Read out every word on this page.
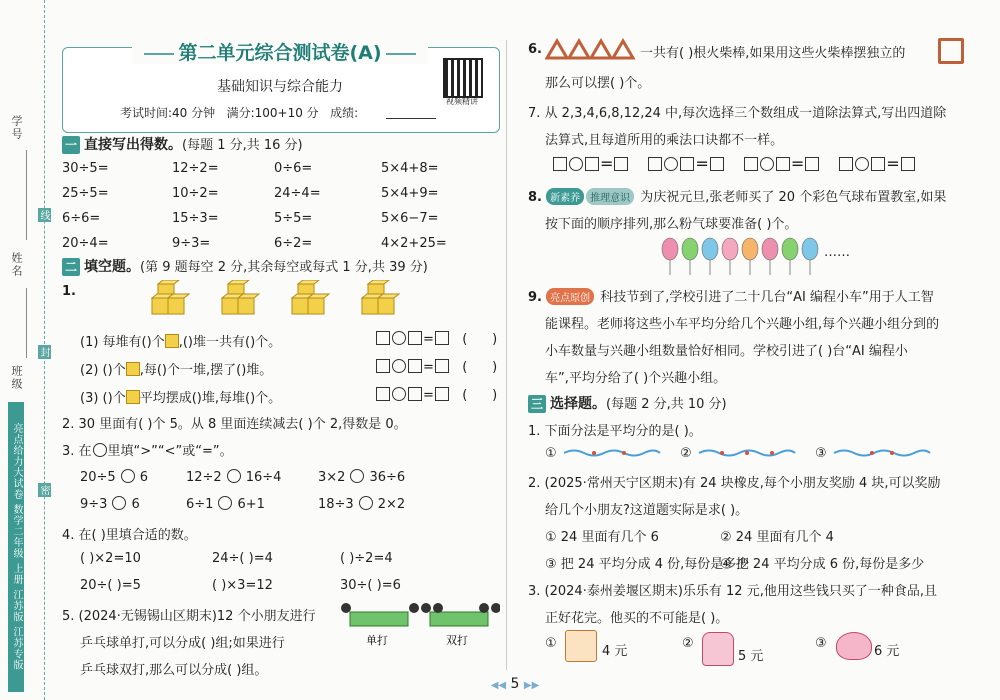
学号
姓名
班级
线
封
密
亮点给力大试卷 数学二年级 上册 江苏版 江苏专版
第二单元综合测试卷(A)
基础知识与综合能力
视频精讲
考试时间:40 分钟 满分:100+10 分 成绩:
一 直接写出得数。(每题 1 分,共 16 分)
二 填空题。(第 9 题每空 2 分,其余每空或每式 1 分,共 39 分)
1.
2. 30 里面有( )个 5。从 8 里面连续减去( )个 2,得数是 0。
3. 在 里填“>”“<”或“=”。
4. 在( )里填合适的数。
单打	双打
6.	一共有( )根火柴棒,如果用这些火柴棒摆独立的
那么可以摆( )个。
=	=	=	=
8. 新素养 推理意识 为庆祝元旦,张老师买了 20 个彩色气球布置教室,如果
按下面的顺序排列,那么粉气球要准备( )个。
……
9. 亮点原创 科技节到了,学校引进了二十几台“AI 编程小车”用于人工智
能课程。老师将这些小车平均分给几个兴趣小组,每个兴趣小组分到的
小车数量与兴趣小组数量恰好相同。学校引进了( )台“AI 编程小
车”,平均分给了( )个兴趣小组。
三 选择题。(每题 2 分,共 10 分)
1. 下面分法是平均分的是( )。
①	②	③
2. (2025·常州天宁区期末)有 24 块橡皮,每个小朋友奖励 4 块,可以奖励
给几个小朋友?这道题实际是求( )。
① 24 里面有几个 6	② 24 里面有几个 4
③ 把 24 平均分成 4 份,每份是多少
④ 把 24 平均分成 6 份,每份是多少
3. (2024·泰州姜堰区期末)乐乐有 12 元,他用这些钱只买了一种食品,且
正好花完。他买的不可能是( )。
①
4 元
②
5 元
③
6 元
◀◀ 5 ▶▶
30÷5=	12÷2=	0÷6=	5×4+8=
25÷5=	10÷2=	24÷4=	5×4+9=
6÷6=	15÷3=	5÷5=	5×6−7=
20÷4=	9÷3=	6÷2=	4×2+25=
(1) 每堆有()个 ,()堆一共有()个。	=   (      )
(2) ()个 ,每()个一堆,摆了()堆。	=   (      )
(3) ()个 平均摆成()堆,每堆()个。	=   (      )
20÷5 6	12÷2 16÷4	3×2 36÷6
9÷3 6	6÷1 6+1	18÷3 2×2
( )×2=10	24÷( )=4	( )÷2=4
20÷( )=5	( )×3=12	30÷( )=6
5. (2024·无锡锡山区期末)12 个小朋友进行
乒乓球单打,可以分成( )组;如果进行
乒乓球双打,那么可以分成( )组。
7. 从 2,3,4,6,8,12,24 中,每次选择三个数组成一道除法算式,写出四道除
法算式,且每道所用的乘法口诀都不一样。
